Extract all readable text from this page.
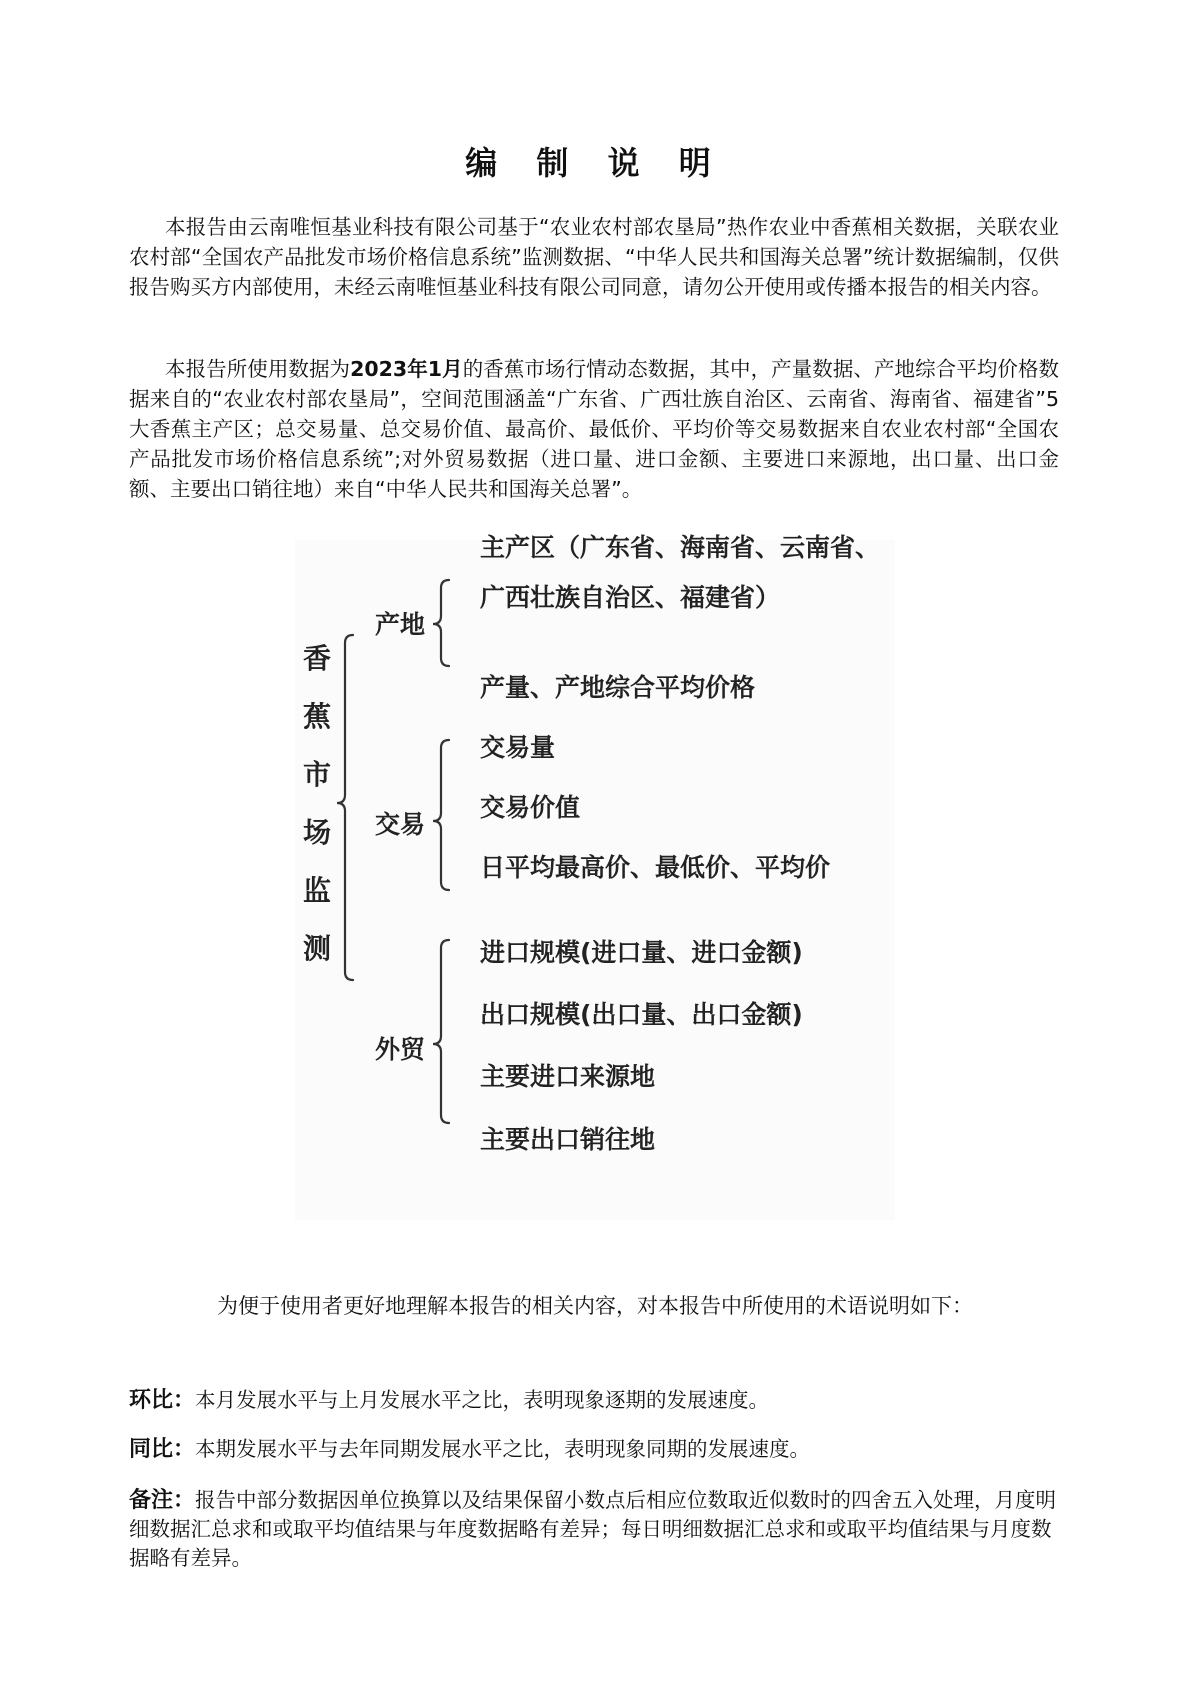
编 制 说 明

本报告由云南唯恒基业科技有限公司基于“农业农村部农垦局”热作农业中香蕉相关数据，关联农业农村部“全国农产品批发市场价格信息系统”监测数据、“中华人民共和国海关总署”统计数据编制，仅供报告购买方内部使用，未经云南唯恒基业科技有限公司同意，请勿公开使用或传播本报告的相关内容。

本报告所使用数据为2023年1月的香蕉市场行情动态数据，其中，产量数据、产地综合平均价格数据来自的“农业农村部农垦局”，空间范围涵盖“广东省、广西壮族自治区、云南省、海南省、福建省”5大香蕉主产区；总交易量、总交易价值、最高价、最低价、平均价等交易数据来自农业农村部“全国农产品批发市场价格信息系统”;对外贸易数据（进口量、进口金额、主要进口来源地，出口量、出口金额、主要出口销往地）来自“中华人民共和国海关总署”。

香
蕉
市
场
监
测
产地
交易
外贸
主产区（广东省、海南省、云南省、
广西壮族自治区、福建省）
产量、产地综合平均价格
交易量
交易价值
日平均最高价、最低价、平均价
进口规模(进口量、进口金额)
出口规模(出口量、出口金额)
主要进口来源地
主要出口销往地
为便于使用者更好地理解本报告的相关内容，对本报告中所使用的术语说明如下：

环比：本月发展水平与上月发展水平之比，表明现象逐期的发展速度。

同比：本期发展水平与去年同期发展水平之比，表明现象同期的发展速度。

备注：报告中部分数据因单位换算以及结果保留小数点后相应位数取近似数时的四舍五入处理，月度明细数据汇总求和或取平均值结果与年度数据略有差异；每日明细数据汇总求和或取平均值结果与月度数据略有差异。
